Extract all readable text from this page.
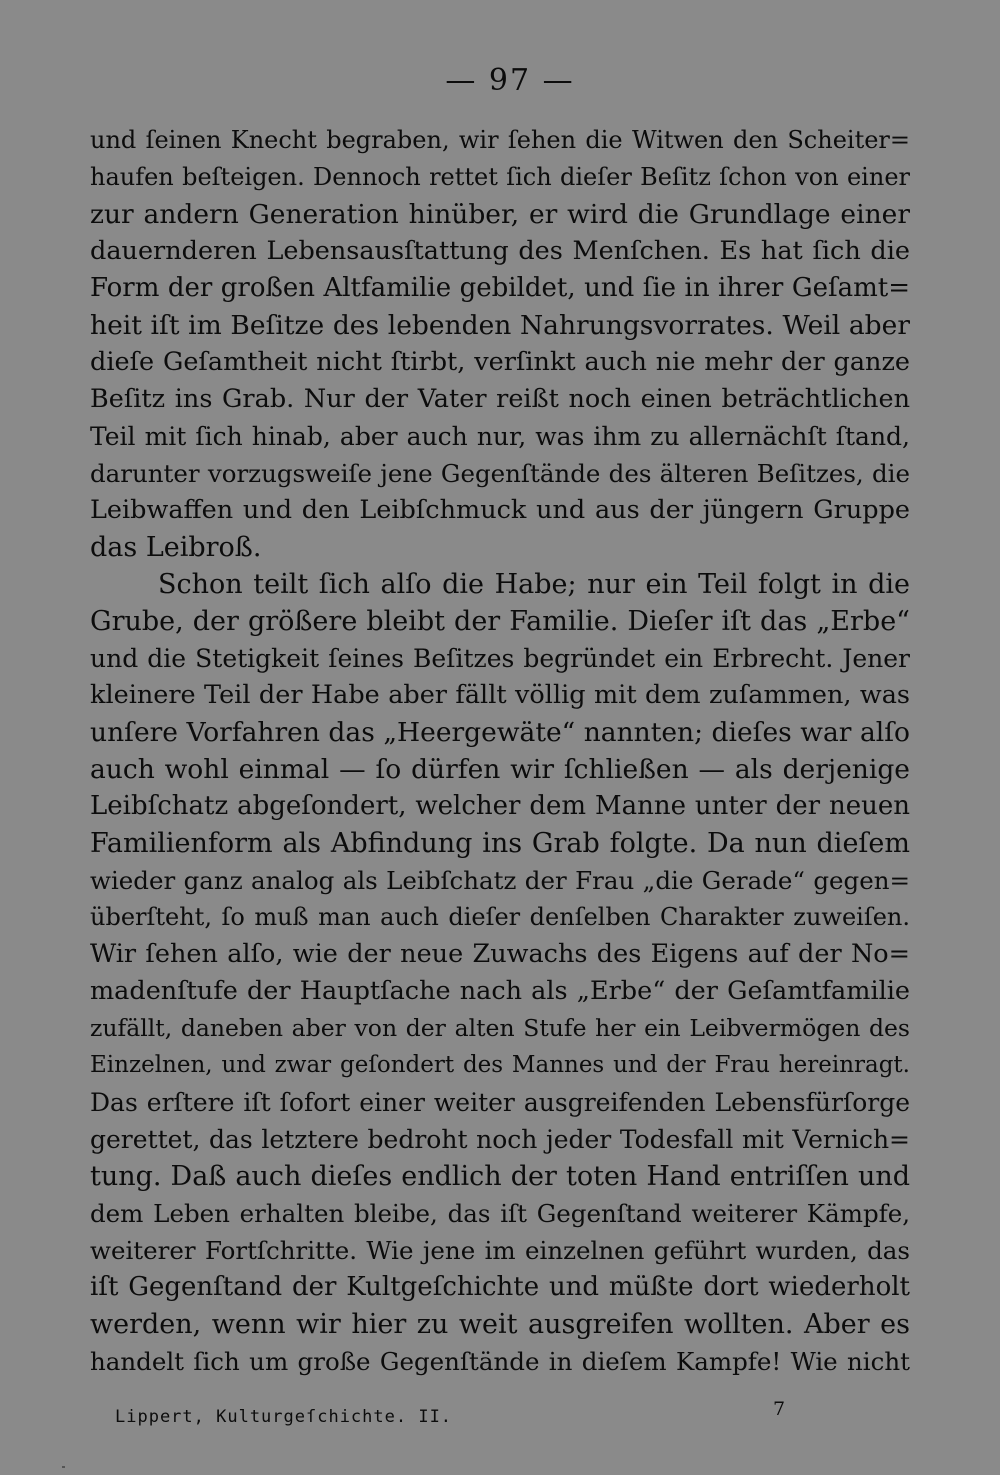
— 97 —
und ſeinen Knecht begraben, wir ſehen die Witwen den Scheiter=
haufen beſteigen. Dennoch rettet ſich dieſer Beſitz ſchon von einer
zur andern Generation hinüber, er wird die Grundlage einer
dauernderen Lebensausſtattung des Menſchen. Es hat ſich die
Form der großen Altfamilie gebildet, und ſie in ihrer Geſamt=
heit iſt im Beſitze des lebenden Nahrungsvorrates. Weil aber
dieſe Geſamtheit nicht ſtirbt, verſinkt auch nie mehr der ganze
Beſitz ins Grab. Nur der Vater reißt noch einen beträchtlichen
Teil mit ſich hinab, aber auch nur, was ihm zu allernächſt ſtand,
darunter vorzugsweiſe jene Gegenſtände des älteren Beſitzes, die
Leibwaffen und den Leibſchmuck und aus der jüngern Gruppe
das Leibroß.
Schon teilt ſich alſo die Habe; nur ein Teil folgt in die
Grube, der größere bleibt der Familie. Dieſer iſt das „Erbe“
und die Stetigkeit ſeines Beſitzes begründet ein Erbrecht. Jener
kleinere Teil der Habe aber fällt völlig mit dem zuſammen, was
unſere Vorfahren das „Heergewäte“ nannten; dieſes war alſo
auch wohl einmal — ſo dürfen wir ſchließen — als derjenige
Leibſchatz abgeſondert, welcher dem Manne unter der neuen
Familienform als Abfindung ins Grab folgte. Da nun dieſem
wieder ganz analog als Leibſchatz der Frau „die Gerade“ gegen=
überſteht, ſo muß man auch dieſer denſelben Charakter zuweiſen.
Wir ſehen alſo, wie der neue Zuwachs des Eigens auf der No=
madenſtufe der Hauptſache nach als „Erbe“ der Geſamtfamilie
zufällt, daneben aber von der alten Stufe her ein Leibvermögen des
Einzelnen, und zwar geſondert des Mannes und der Frau hereinragt.
Das erſtere iſt ſofort einer weiter ausgreifenden Lebensfürſorge
gerettet, das letztere bedroht noch jeder Todesfall mit Vernich=
tung. Daß auch dieſes endlich der toten Hand entriſſen und
dem Leben erhalten bleibe, das iſt Gegenſtand weiterer Kämpfe,
weiterer Fortſchritte. Wie jene im einzelnen geführt wurden, das
iſt Gegenſtand der Kultgeſchichte und müßte dort wiederholt
werden, wenn wir hier zu weit ausgreifen wollten. Aber es
handelt ſich um große Gegenſtände in dieſem Kampfe! Wie nicht
Lippert, Kulturgeſchichte. II.	7
